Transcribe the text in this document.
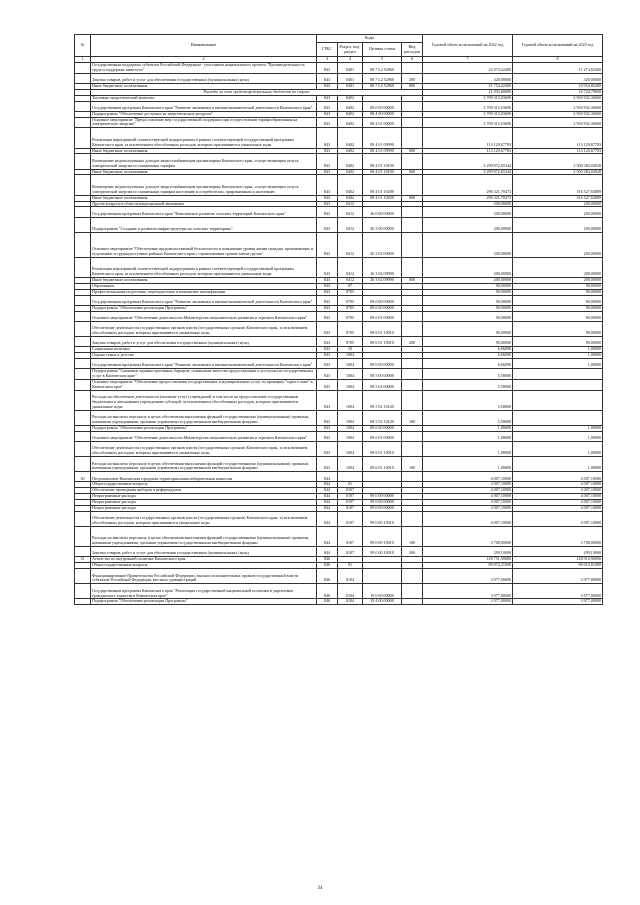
№	Наименование	Коды				Годовой объем ассигнований на 2022 год	Годовой объем ассигнований на 2023 год
		ГРБС	Раздел, под-раздел	Целевая статья	Вид расходов		
1	2	3	4	5	6	7	8
	Государственная поддержка субъектов Российской Федерации - участников национального проекта "Производительность труда и поддержка занятости"	843	0401	08 7 L2 52860		22 074,22400	11 274,82400
	Закупка товаров, работ и услуг для обеспечения государственных (муниципальных) нужд	843	0401	08 7 L2 52860	200	320,00000	320,00000
	Иные бюджетные ассигнования	843	0401	08 7 L2 52860	800	21 754,22400	10 954,82400
	Расходы за счет средств федерального бюджета по строке					21 933,60000	10 724,79000
	Топливно-энергетический комплекс	843	0402			3 709 315,03600	3 930 932,36600
	Государственная программа Камчатского края "Развитие экономики и внешнеэкономической деятельности Камчатского края"	843	0402	08 0 00 00000		3 709 315,03600	3 930 932,36600
	Подпрограмма "Обеспечение доступности энергетических ресурсов"	843	0402	08 4 00 00000		3 709 315,03600	3 930 932,36600
	Основное мероприятие "Предоставление мер государственной поддержки при осуществлении тарифообразования на электрическую энергию"	843	0402	08 4 01 00000		3 709 315,03600	3 930 932,36600
	Реализация мероприятий соответствующей подпрограммы в рамках соответствующей государственной программы Камчатского края, за исключением обособленных расходов, которым присваиваются уникальные коды	843	0402	08 4 01 09990		113 120,67783	113 120,67783
	Иные бюджетные ассигнования	843	0402	08 4 01 09990	800	113 120,67783	113 120,67783
	Возмещение недополученных доходов энергоснабжающим организациям Камчатского края, осуществляющим отпуск электрической энергии по сниженным тарифам	843	0402	08 4 01 10190		3 299 872,65344	3 500 384,04928
	Иные бюджетные ассигнования	843	0402	08 4 01 10190	800	3 299 872,65344	3 500 384,04928
	Возмещение недополученных доходов энергоснабжающим организациям Камчатского края, осуществляющим отпуск электрической энергии по сниженным тарифам населению и потребителям, приравненным к населению	843	0402	08 4 01 10200		296 321,70473	316 527,63889
	Иные бюджетные ассигнования	843	0402	08 4 01 10200	800	296 321,70473	316 527,63889
	Другие вопросы в области национальной экономики	843	0412			200,00000	200,00000
	Государственная программа Камчатского края "Комплексное развитие сельских территорий Камчатского края"	843	0412	26 0 00 00000		200,00000	200,00000
	Подпрограмма "Создание и развитие инфраструктуры на сельских территориях"	843	0412	26 3 00 00000		200,00000	200,00000
	Основное мероприятие "Обеспечение продовольственной безопасности и повышение уровня жизни граждан, проживающих в отдаленных и труднодоступных районах Камчатского края с ограниченным сроком завоза грузов"	843	0412	26 3 02 00000		200,00000	200,00000
	Реализация мероприятий соответствующей подпрограммы в рамках соответствующей государственной программы Камчатского края, за исключением обособленных расходов, которым присваиваются уникальные коды	843	0412	26 3 02 09990		200,00000	200,00000
	Иные бюджетные ассигнования	843	0412	26 3 02 09990	800	200,00000	200,00000
	Образование	843	07			90,00000	90,00000
	Профессиональная подготовка, переподготовка и повышение квалификации	843	0705			90,00000	90,00000
	Государственная программа Камчатского края "Развитие экономики и внешнеэкономической деятельности Камчатского края"	843	0705	08 0 00 00000		90,00000	90,00000
	Подпрограмма "Обеспечение реализации Программы"	843	0705	08 6 00 00000		90,00000	90,00000
	Основное мероприятие "Обеспечение деятельности Министерства экономического развития и торговли Камчатского края"	843	0705	08 6 01 00000		90,00000	90,00000
	Обеспечение деятельности государственных органов власти (государственных органов) Камчатского края, за исключением обособленных расходов, которым присваиваются уникальные коды	843	0705	08 6 01 10010		90,00000	90,00000
	Закупка товаров, работ и услуг для обеспечения государственных (муниципальных) нужд	843	0705	08 6 01 10010	200	90,00000	90,00000
	Социальная политика	843	10			6,66000	1,08000
	Охрана семьи и детства	843	1004			6,66000	1,08000
	Государственная программа Камчатского края "Развитие экономики и внешнеэкономической деятельности Камчатского края"	843	1004	08 0 00 00000		6,66000	1,08000
	Подпрограмма "Снижение административных барьеров, повышение качества предоставления и доступности государственных услуг в Камчатском крае"	843	1004	08 5 00 00000		5,58000	
	Основное мероприятие "Обеспечение предоставления государственных и муниципальных услуг по принципу "одного окна" в Камчатском крае"	843	1004	08 5 02 00000		5,58000	
	Расходы на обеспечение деятельности (оказание услуг) учреждений, в том числе на предоставление государственным бюджетным и автономным учреждениям субсидий, за исключением обособленных расходов, которым присваиваются уникальные коды	843	1004	08 5 02 10140		5,58000	
	Расходы на выплаты персоналу в целях обеспечения выполнения функций государственными (муниципальными) органами, казенными учреждениями, органами управления государственными внебюджетными фондами	843	1004	08 5 02 10140	100	5,58000	
	Подпрограмма "Обеспечение реализации Программы"	843	1004	08 6 00 00000		1,08000	1,08000
	Основное мероприятие "Обеспечение деятельности Министерства экономического развития и торговли Камчатского края"	843	1004	08 6 01 00000		1,08000	1,08000
	Обеспечение деятельности государственных органов власти (государственных органов) Камчатского края, за исключением обособленных расходов, которым присваиваются уникальные коды	843	1004	08 6 01 10010		1,08000	1,08000
	Расходы на выплаты персоналу в целях обеспечения выполнения функций государственными (муниципальными) органами, казенными учреждениями, органами управления государственными внебюджетными фондами	843	1004	08 6 01 10010	100	1,08000	1,08000
30	Петропавловск-Камчатская городская территориальная избирательная комиссия	844				4 007,10000	4 007,10000
	Общегосударственные вопросы	844	01			4 007,10000	4 007,10000
	Обеспечение проведения выборов и референдумов	844	0107			4 007,10000	4 007,10000
	Непрограммные расходы	844	0107	99 0 00 00000		4 007,10000	4 007,10000
	Непрограммные расходы	844	0107	99 0 00 00000		4 007,10000	4 007,10000
	Непрограммные расходы	844	0107	99 0 00 00000		4 007,10000	4 007,10000
	Обеспечение деятельности государственных органов власти (государственных органов) Камчатского края, за исключением обособленных расходов, которым присваиваются уникальные коды	844	0107	99 0 00 10010		4 007,10000	4 007,10000
	Расходы на выплаты персоналу в целях обеспечения выполнения функций государственными (муниципальными) органами, казенными учреждениями, органами управления государственными внебюджетными фондами	844	0107	99 0 00 10010	100	3 708,00000	3 708,00000
	Закупка товаров, работ и услуг для обеспечения государственных (муниципальных) нужд	844	0107	99 0 00 10010	200	299,10000	299,10000
31	Агентство по внутренней политике Камчатского края	846				128 751,90000	128 910,90000
	Общегосударственные вопросы	846	01			89 974,21000	90 010,61000
	Функционирование Правительства Российской Федерации, высших исполнительных органов государственной власти субъектов Российской Федерации, местных администраций	846	0104			3 977,00000	3 977,00000
	Государственная программа Камчатского края "Реализация государственной национальной политики и укрепление гражданского единства в Камчатском крае"	846	0104	19 0 00 00000		3 977,00000	3 977,00000
	Подпрограмма "Обеспечение реализации Программы"	846	0104	19 4 00 00000		3 977,00000	3 977,00000
34
